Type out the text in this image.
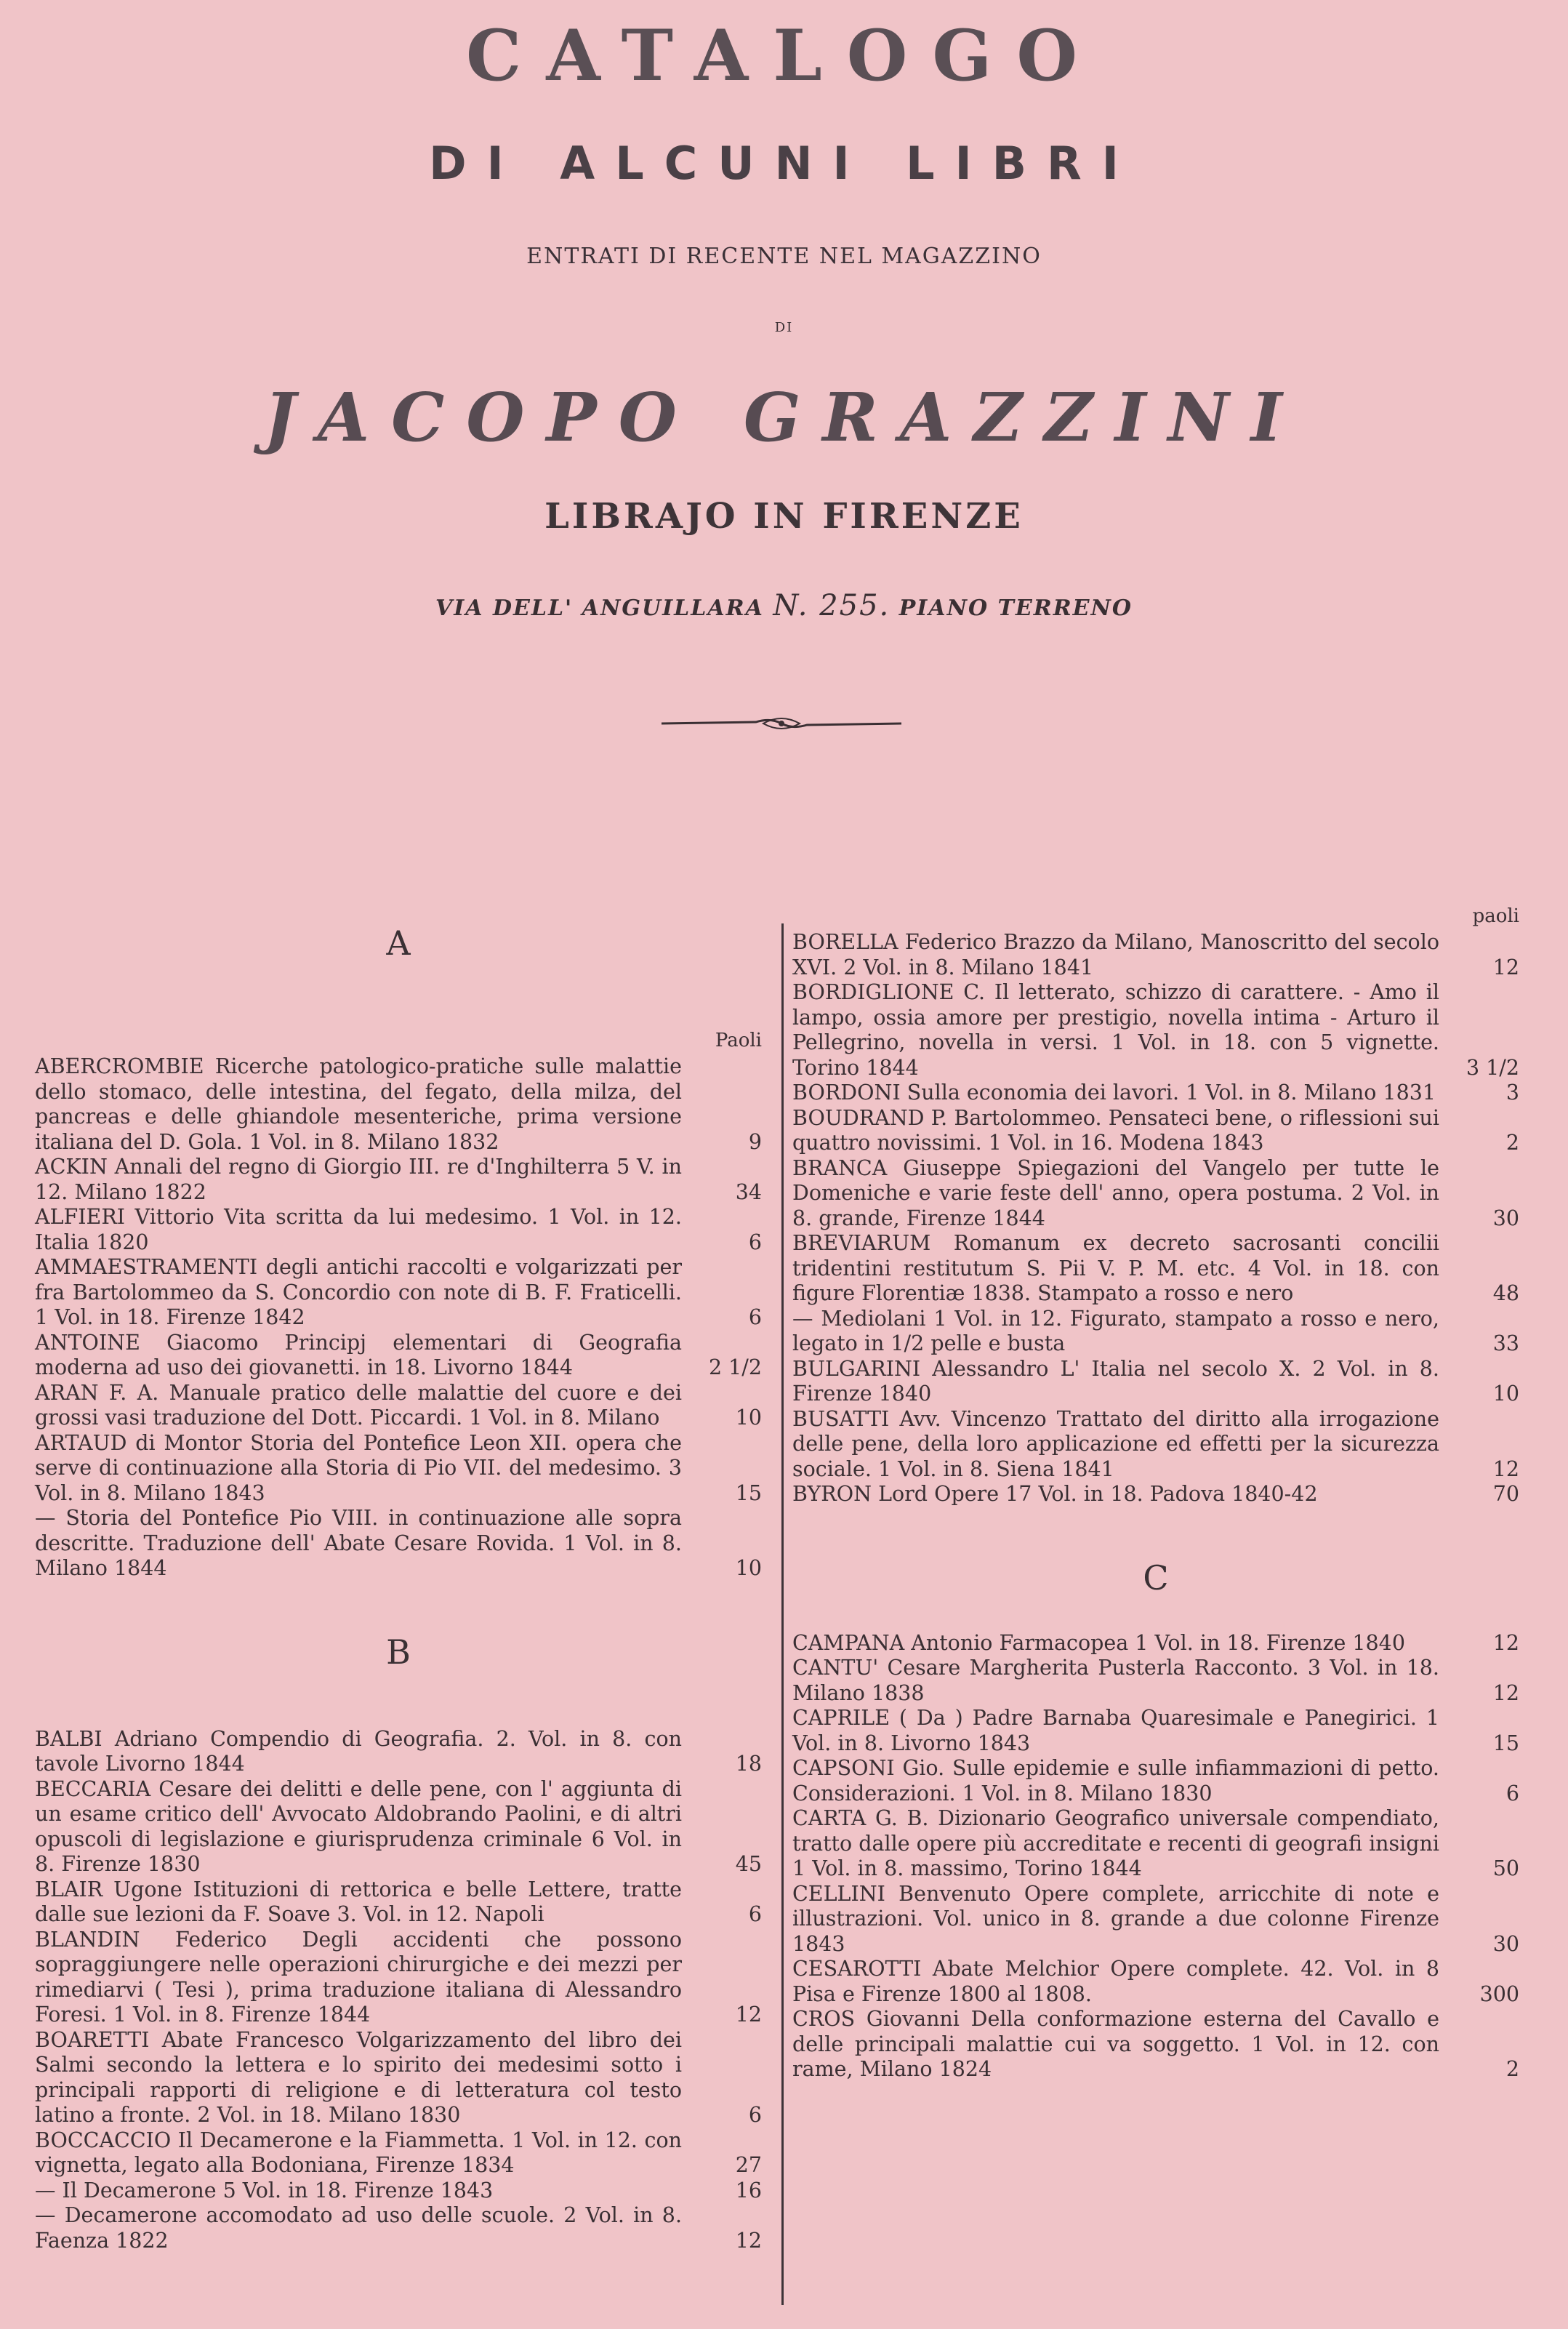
CATALOGO
DI ALCUNI LIBRI
ENTRATI DI RECENTE NEL MAGAZZINO
DI
JACOPO GRAZZINI
LIBRAJO IN FIRENZE
VIA DELL' ANGUILLARA N. 255. PIANO TERRENO
A
Paoli
ABERCROMBIE Ricerche patologico-pratiche sulle malattie dello stomaco, delle intestina, del fegato, della milza, del pancreas e delle ghiandole mesenteriche, prima versione italiana del D. Gola. 1 Vol. in 8. Milano 1832	9
ACKIN Annali del regno di Giorgio III. re d'Inghilterra 5 V. in 12. Milano 1822	34
ALFIERI Vittorio Vita scritta da lui medesimo. 1 Vol. in 12. Italia 1820	6
AMMAESTRAMENTI degli antichi raccolti e volgarizzati per fra Bartolommeo da S. Concordio con note di B. F. Fraticelli. 1 Vol. in 18. Firenze 1842	6
ANTOINE Giacomo Principj elementari di Geografia moderna ad uso dei giovanetti. in 18. Livorno 1844	2 1/2
ARAN F. A. Manuale pratico delle malattie del cuore e dei grossi vasi traduzione del Dott. Piccardi. 1 Vol. in 8. Milano	10
ARTAUD di Montor Storia del Pontefice Leon XII. opera che serve di continuazione alla Storia di Pio VII. del medesimo. 3 Vol. in 8. Milano 1843	15
— Storia del Pontefice Pio VIII. in continuazione alle sopra descritte. Traduzione dell' Abate Cesare Rovida. 1 Vol. in 8. Milano 1844	10
B
BALBI Adriano Compendio di Geografia. 2. Vol. in 8. con tavole Livorno 1844	18
BECCARIA Cesare dei delitti e delle pene, con l' aggiunta di un esame critico dell' Avvocato Aldobrando Paolini, e di altri opuscoli di legislazione e giurisprudenza criminale 6 Vol. in 8. Firenze 1830	45
BLAIR Ugone Istituzioni di rettorica e belle Lettere, tratte dalle sue lezioni da F. Soave 3. Vol. in 12. Napoli	6
BLANDIN Federico Degli accidenti che possono sopraggiungere nelle operazioni chirurgiche e dei mezzi per rimediarvi ( Tesi ), prima traduzione italiana di Alessandro Foresi. 1 Vol. in 8. Firenze 1844	12
BOARETTI Abate Francesco Volgarizzamento del libro dei Salmi secondo la lettera e lo spirito dei medesimi sotto i principali rapporti di religione e di letteratura col testo latino a fronte. 2 Vol. in 18. Milano 1830	6
BOCCACCIO Il Decamerone e la Fiammetta. 1 Vol. in 12. con vignetta, legato alla Bodoniana, Firenze 1834	27
— Il Decamerone 5 Vol. in 18. Firenze 1843	16
— Decamerone accomodato ad uso delle scuole. 2 Vol. in 8. Faenza 1822	12
paoli
BORELLA Federico Brazzo da Milano, Manoscritto del secolo XVI. 2 Vol. in 8. Milano 1841	12
BORDIGLIONE C. Il letterato, schizzo di carattere. - Amo il lampo, ossia amore per prestigio, novella intima - Arturo il Pellegrino, novella in versi. 1 Vol. in 18. con 5 vignette. Torino 1844	3 1/2
BORDONI Sulla economia dei lavori. 1 Vol. in 8. Milano 1831	3
BOUDRAND P. Bartolommeo. Pensateci bene, o riflessioni sui quattro novissimi. 1 Vol. in 16. Modena 1843	2
BRANCA Giuseppe Spiegazioni del Vangelo per tutte le Domeniche e varie feste dell' anno, opera postuma. 2 Vol. in 8. grande, Firenze 1844	30
BREVIARUM Romanum ex decreto sacrosanti concilii tridentini restitutum S. Pii V. P. M. etc. 4 Vol. in 18. con figure Florentiæ 1838. Stampato a rosso e nero	48
— Mediolani 1 Vol. in 12. Figurato, stampato a rosso e nero, legato in 1/2 pelle e busta	33
BULGARINI Alessandro L' Italia nel secolo X. 2 Vol. in 8. Firenze 1840	10
BUSATTI Avv. Vincenzo Trattato del diritto alla irrogazione delle pene, della loro applicazione ed effetti per la sicurezza sociale. 1 Vol. in 8. Siena 1841	12
BYRON Lord Opere 17 Vol. in 18. Padova 1840-42	70
C
CAMPANA Antonio Farmacopea 1 Vol. in 18. Firenze 1840	12
CANTU' Cesare Margherita Pusterla Racconto. 3 Vol. in 18. Milano 1838	12
CAPRILE ( Da ) Padre Barnaba Quaresimale e Panegirici. 1 Vol. in 8. Livorno 1843	15
CAPSONI Gio. Sulle epidemie e sulle infiammazioni di petto. Considerazioni. 1 Vol. in 8. Milano 1830	6
CARTA G. B. Dizionario Geografico universale compendiato, tratto dalle opere più accreditate e recenti di geografi insigni 1 Vol. in 8. massimo, Torino 1844	50
CELLINI Benvenuto Opere complete, arricchite di note e illustrazioni. Vol. unico in 8. grande a due colonne Firenze 1843	30
CESAROTTI Abate Melchior Opere complete. 42. Vol. in 8 Pisa e Firenze 1800 al 1808.	300
CROS Giovanni Della conformazione esterna del Cavallo e delle principali malattie cui va soggetto. 1 Vol. in 12. con rame, Milano 1824	2
